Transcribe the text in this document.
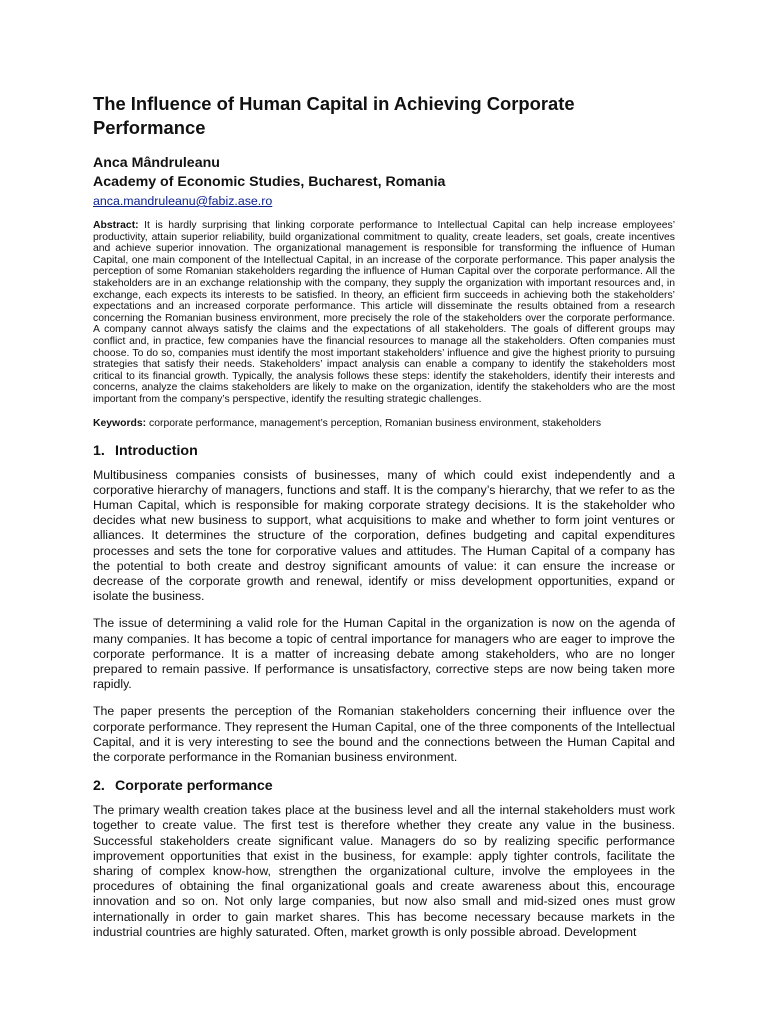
The Influence of Human Capital in Achieving Corporate Performance
Anca Mândruleanu
Academy of Economic Studies, Bucharest, Romania
anca.mandruleanu@fabiz.ase.ro

Abstract: It is hardly surprising that linking corporate performance to Intellectual Capital can help increase employees’ productivity, attain superior reliability, build organizational commitment to quality, create leaders, set goals, create incentives and achieve superior innovation. The organizational management is responsible for transforming the influence of Human Capital, one main component of the Intellectual Capital, in an increase of the corporate performance. This paper analysis the perception of some Romanian stakeholders regarding the influence of Human Capital over the corporate performance. All the stakeholders are in an exchange relationship with the company, they supply the organization with important resources and, in exchange, each expects its interests to be satisfied. In theory, an efficient firm succeeds in achieving both the stakeholders’ expectations and an increased corporate performance. This article will disseminate the results obtained from a research concerning the Romanian business environment, more precisely the role of the stakeholders over the corporate performance. A company cannot always satisfy the claims and the expectations of all stakeholders. The goals of different groups may conflict and, in practice, few companies have the financial resources to manage all the stakeholders. Often companies must choose. To do so, companies must identify the most important stakeholders’ influence and give the highest priority to pursuing strategies that satisfy their needs. Stakeholders’ impact analysis can enable a company to identify the stakeholders most critical to its financial growth. Typically, the analysis follows these steps: identify the stakeholders, identify their interests and concerns, analyze the claims stakeholders are likely to make on the organization, identify the stakeholders who are the most important from the company’s perspective, identify the resulting strategic challenges.

Keywords: corporate performance, management’s perception, Romanian business environment, stakeholders

1. Introduction

Multibusiness companies consists of businesses, many of which could exist independently and a corporative hierarchy of managers, functions and staff. It is the company’s hierarchy, that we refer to as the Human Capital, which is responsible for making corporate strategy decisions. It is the stakeholder who decides what new business to support, what acquisitions to make and whether to form joint ventures or alliances. It determines the structure of the corporation, defines budgeting and capital expenditures processes and sets the tone for corporative values and attitudes. The Human Capital of a company has the potential to both create and destroy significant amounts of value: it can ensure the increase or decrease of the corporate growth and renewal, identify or miss development opportunities, expand or isolate the business.

The issue of determining a valid role for the Human Capital in the organization is now on the agenda of many companies. It has become a topic of central importance for managers who are eager to improve the corporate performance. It is a matter of increasing debate among stakeholders, who are no longer prepared to remain passive. If performance is unsatisfactory, corrective steps are now being taken more rapidly.

The paper presents the perception of the Romanian stakeholders concerning their influence over the corporate performance. They represent the Human Capital, one of the three components of the Intellectual Capital, and it is very interesting to see the bound and the connections between the Human Capital and the corporate performance in the Romanian business environment.

2. Corporate performance

The primary wealth creation takes place at the business level and all the internal stakeholders must work together to create value. The first test is therefore whether they create any value in the business. Successful stakeholders create significant value. Managers do so by realizing specific performance improvement opportunities that exist in the business, for example: apply tighter controls, facilitate the sharing of complex know-how, strengthen the organizational culture, involve the employees in the procedures of obtaining the final organizational goals and create awareness about this, encourage innovation and so on. Not only large companies, but now also small and mid-sized ones must grow internationally in order to gain market shares. This has become necessary because markets in the industrial countries are highly saturated. Often, market growth is only possible abroad. Development
